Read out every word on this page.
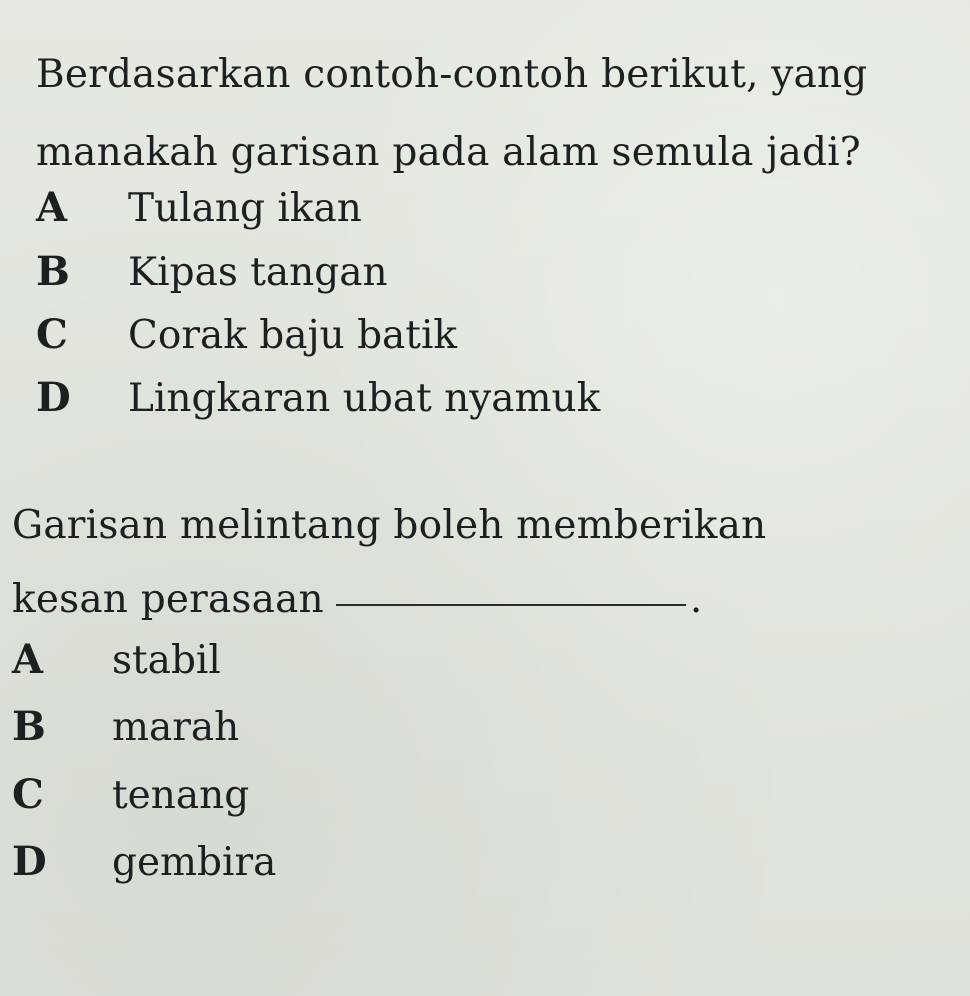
Berdasarkan contoh-contoh berikut, yang
manakah garisan pada alam semula jadi?
A	Tulang ikan
B	Kipas tangan
C	Corak baju batik
D	Lingkaran ubat nyamuk
Garisan melintang boleh memberikan
kesan perasaan	.
A	stabil
B	marah
C	tenang
D	gembira
